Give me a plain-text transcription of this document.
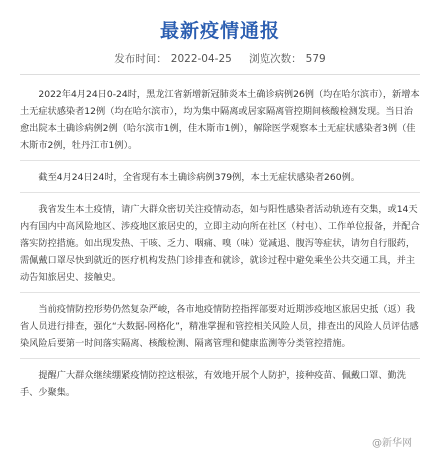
最新疫情通报
发布时间： 2022-04-25 浏览次数： 579

2022年4月24日0-24时，黑龙江省新增新冠肺炎本土确诊病例26例（均在哈尔滨市），新增本土无症状感染者12例（均在哈尔滨市），均为集中隔离或居家隔离管控期间核酸检测发现。当日治愈出院本土确诊病例2例（哈尔滨市1例，佳木斯市1例），解除医学观察本土无症状感染者3例（佳木斯市2例，牡丹江市1例）。

截至4月24日24时，全省现有本土确诊病例379例，本土无症状感染者260例。

我省发生本土疫情，请广大群众密切关注疫情动态，如与阳性感染者活动轨迹有交集，或14天内有国内中高风险地区、涉疫地区旅居史的，立即主动向所在社区（村屯）、工作单位报备，并配合落实防控措施。如出现发热、干咳、乏力、咽痛、嗅（味）觉减退、腹泻等症状，请勿自行服药，需佩戴口罩尽快到就近的医疗机构发热门诊排查和就诊，就诊过程中避免乘坐公共交通工具，并主动告知旅居史、接触史。

当前疫情防控形势仍然复杂严峻，各市地疫情防控指挥部要对近期涉疫地区旅居史抵（返）我省人员进行排查，强化“大数据-网格化”，精准掌握和管控相关风险人员，排查出的风险人员评估感染风险后要第一时间落实隔离、核酸检测、隔离管理和健康监测等分类管控措施。

提醒广大群众继续绷紧疫情防控这根弦，有效地开展个人防护，接种疫苗、佩戴口罩、勤洗手、少聚集。

@新华网
